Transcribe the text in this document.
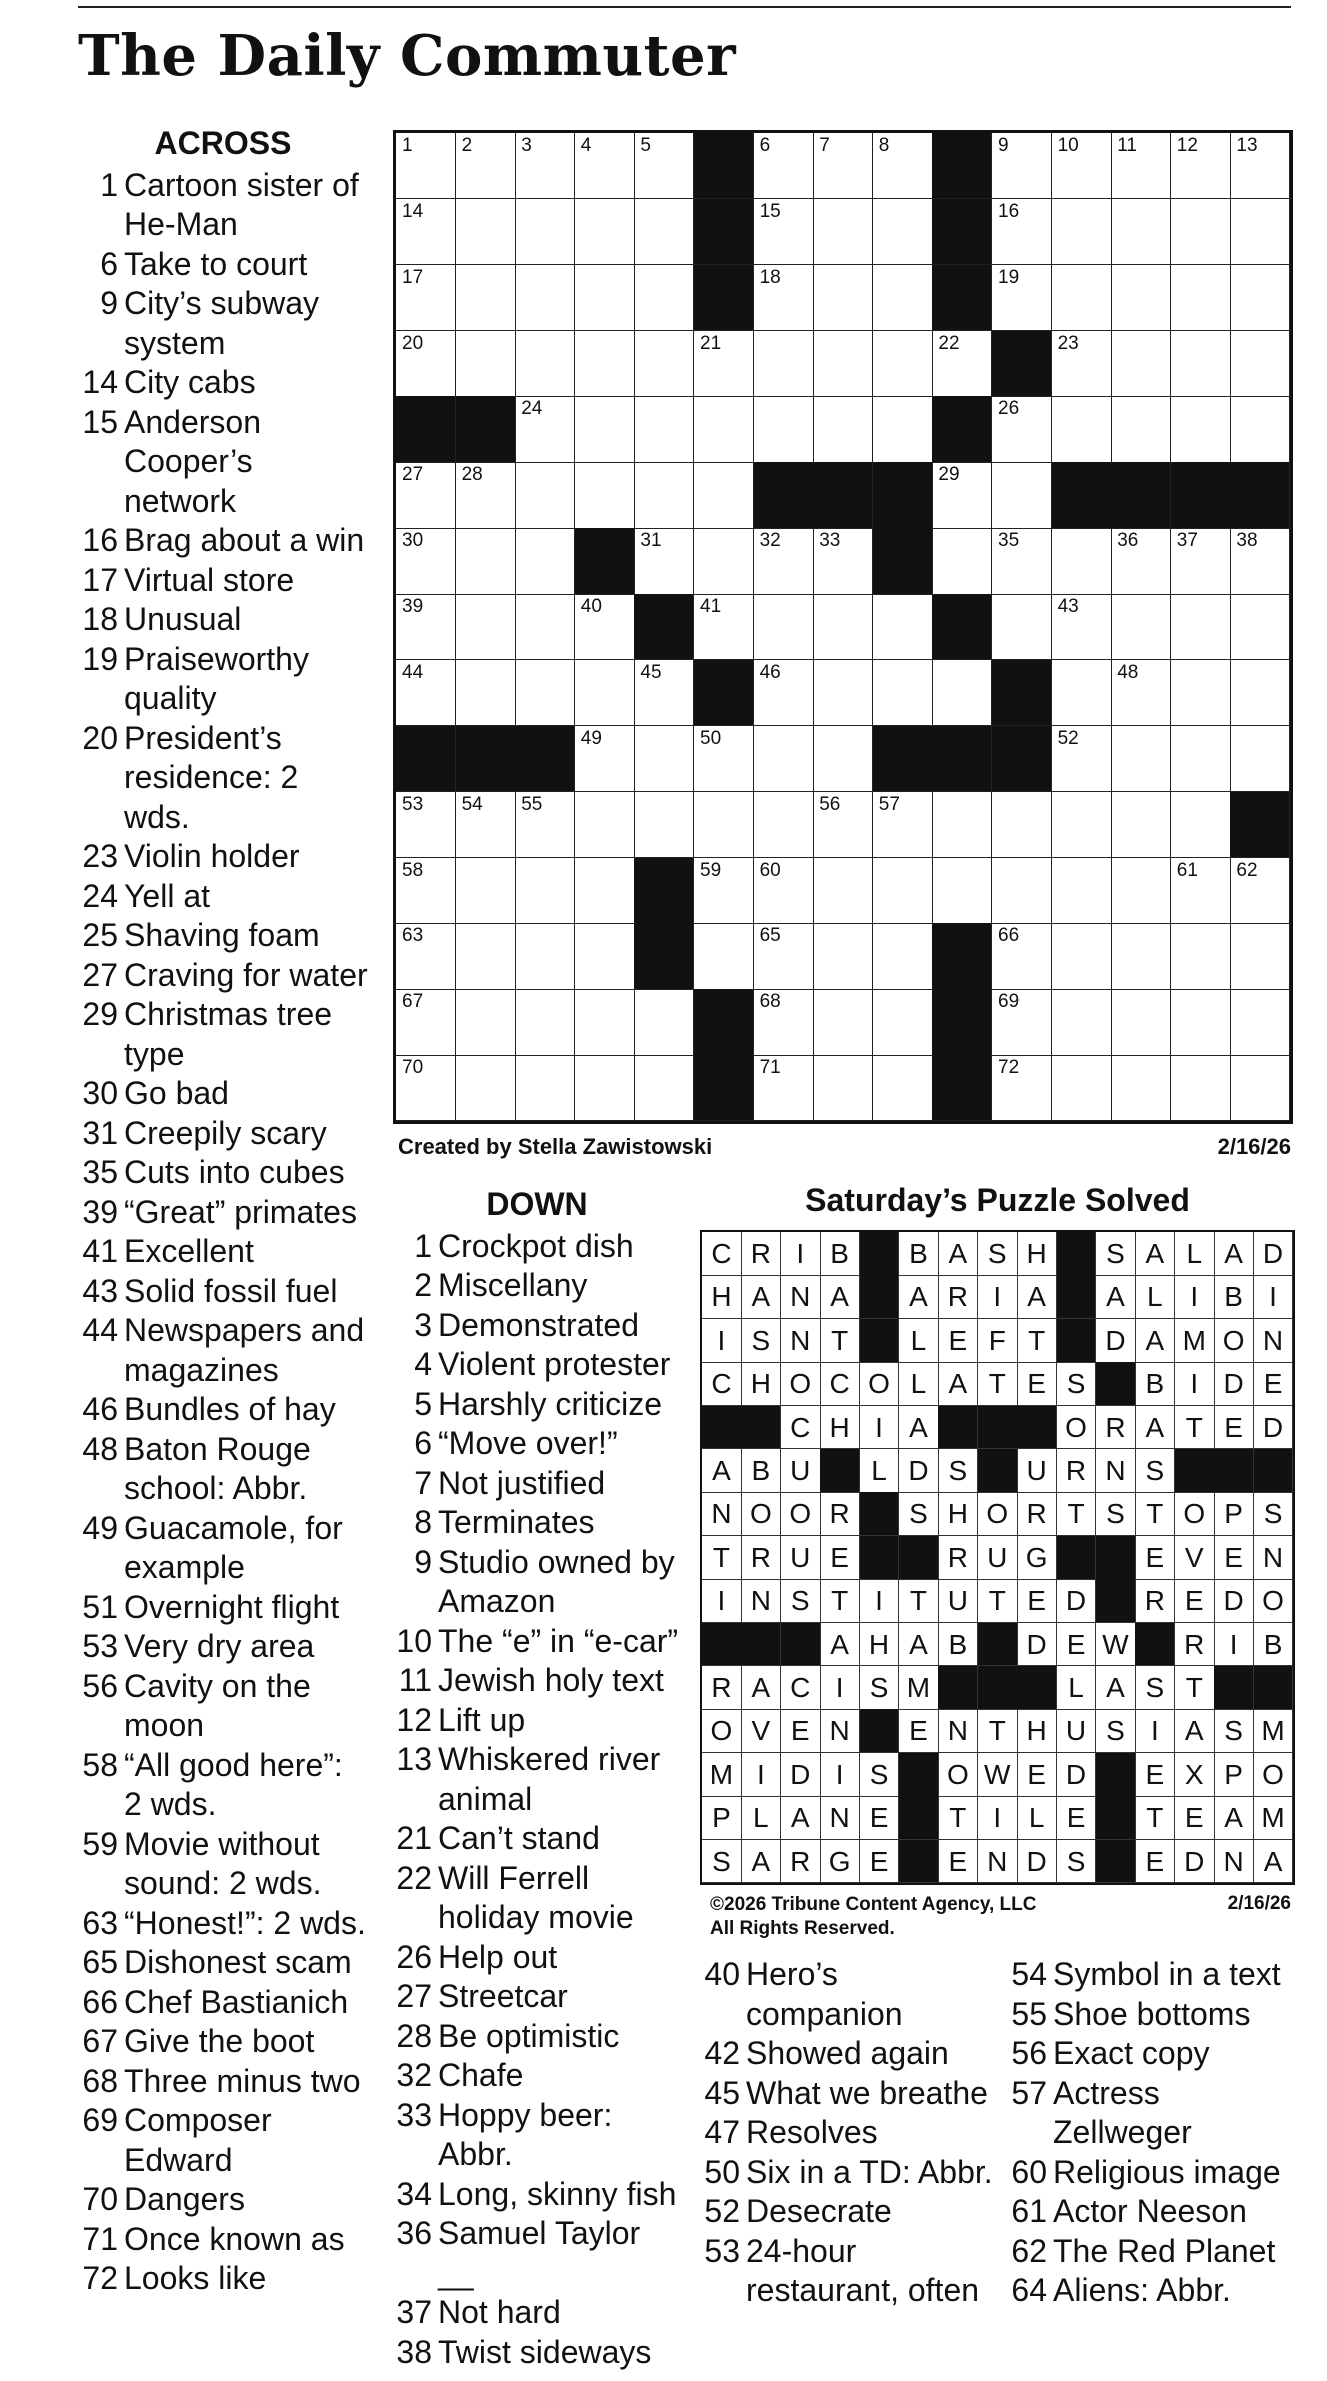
The Daily Commuter
ACROSS
1 Cartoon sister of He-Man
6 Take to court
9 City’s subway system
14 City cabs
15 Anderson Cooper’s network
16 Brag about a win
17 Virtual store
18 Unusual
19 Praiseworthy quality
20 President’s residence: 2 wds.
23 Violin holder
24 Yell at
25 Shaving foam
27 Craving for water
29 Christmas tree type
30 Go bad
31 Creepily scary
35 Cuts into cubes
39 “Great” primates
41 Excellent
43 Solid fossil fuel
44 Newspapers and magazines
46 Bundles of hay
48 Baton Rouge school: Abbr.
49 Guacamole, for example
51 Overnight flight
53 Very dry area
56 Cavity on the moon
58 “All good here”: 2 wds.
59 Movie without sound: 2 wds.
63 “Honest!”: 2 wds.
65 Dishonest scam
66 Chef Bastianich
67 Give the boot
68 Three minus two
69 Composer Edward
70 Dangers
71 Once known as
72 Looks like
1	2	3	4	5	6	7	8	9	10 11 12 13
14	15	16
17	18	19
20	21	22	23
24	25 26
27 28	29
30	31	32 33 34	35	36 37 38
39	40	41	42	43
44	45	46	47	48
49	50	51	52
53 54 55	56 57
58	59 60	61 62
63	64	65	66
67	68	69
70	71	72
Created by Stella Zawistowski	2/16/26
DOWN
1 Crockpot dish
2 Miscellany
3 Demonstrated
4 Violent protester
5 Harshly criticize
6 “Move over!”
7 Not justified
8 Terminates
9 Studio owned by Amazon
10 The “e” in “e-car”
11 Jewish holy text
12 Lift up
13 Whiskered river animal
21 Can’t stand
22 Will Ferrell holiday movie
26 Help out
27 Streetcar
28 Be optimistic
32 Chafe
33 Hoppy beer: Abbr.
34 Long, skinny fish
36 Samuel Taylor __
37 Not hard
38 Twist sideways
40 Hero’s companion
42 Showed again
45 What we breathe
47 Resolves
50 Six in a TD: Abbr.
52 Desecrate
53 24-hour restaurant, often
54 Symbol in a text
55 Shoe bottoms
56 Exact copy
57 Actress Zellweger
60 Religious image
61 Actor Neeson
62 The Red Planet
64 Aliens: Abbr.
Saturday’s Puzzle Solved
C R I B	B A S H	S A L A D
H A N A	A R I A	A L I B I
I S N T	L E F T	D A M O N
C H O C O L A T E S	B I D E
C H I A	O R A T E D
A B U	L D S	U R N S
N O O R	S H O R T S T O P S
T R U E	R U G	E V E N
I N S T I T U T E D	R E D O
A H A B	D E W	R I B
R A C I S M	L A S T
O V E N	E N T H U S I A S M
M I D I S	O W E D	E X P O
P L A N E	T I L E	T E A M
S A R G E	E N D S	E D N A
©2026 Tribune Content Agency, LLC
All Rights Reserved.
2/16/26
